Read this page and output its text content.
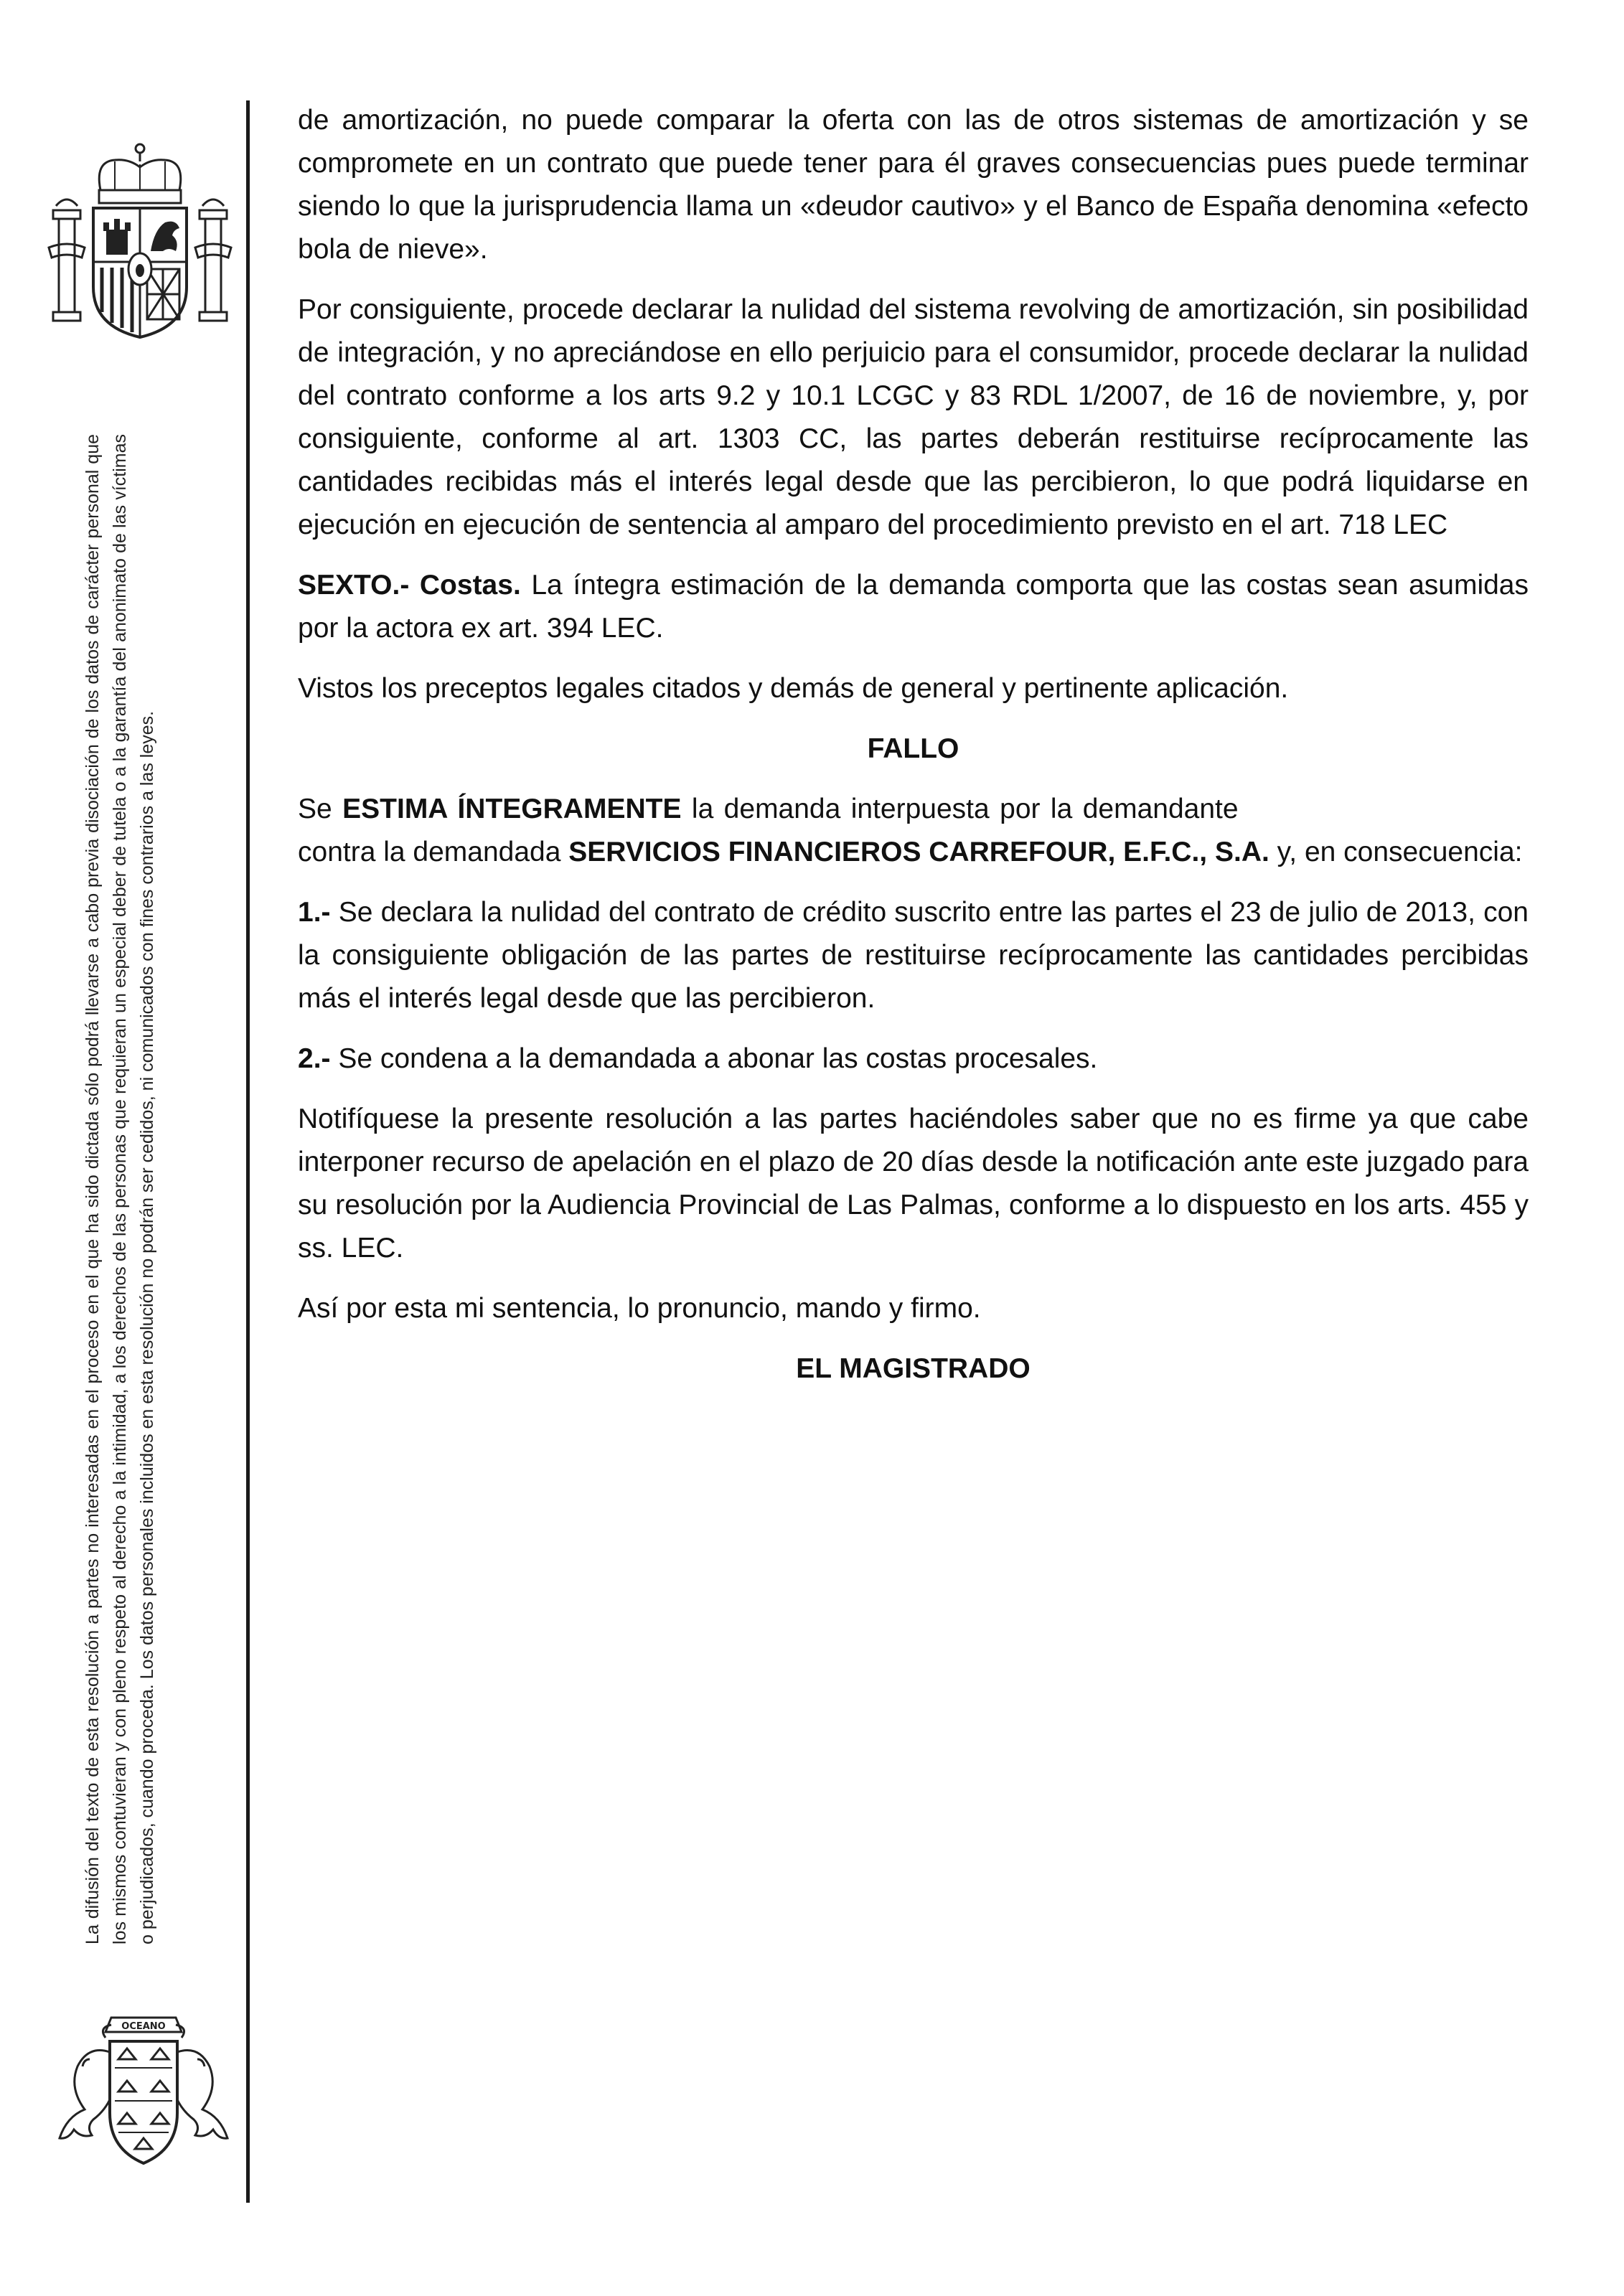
OCEANO
La difusión del texto de esta resolución a partes no interesadas en el proceso en el que ha sido dictada sólo podrá llevarse a cabo previa disociación de los datos de carácter personal que los mismos contuvieran y con pleno respeto al derecho a la intimidad, a los derechos de las personas que requieran un especial deber de tutela o a la garantía del anonimato de las víctimas o perjudicados, cuando proceda. Los datos personales incluidos en esta resolución no podrán ser cedidos, ni comunicados con fines contrarios a las leyes.

de amortización, no puede comparar la oferta con las de otros sistemas de amortización y se compromete en un contrato que puede tener para él graves consecuencias pues puede terminar siendo lo que la jurisprudencia llama un «deudor cautivo» y el Banco de España denomina «efecto bola de nieve».

Por consiguiente, procede declarar la nulidad del sistema revolving de amortización, sin posibilidad de integración, y no apreciándose en ello perjuicio para el consumidor, procede declarar la nulidad del contrato conforme a los arts 9.2 y 10.1 LCGC y 83 RDL 1/2007, de 16 de noviembre, y, por consiguiente, conforme al art. 1303 CC, las partes deberán restituirse recíprocamente las cantidades recibidas más el interés legal desde que las percibieron, lo que podrá liquidarse en ejecución en ejecución de sentencia al amparo del procedimiento previsto en el art. 718 LEC

SEXTO.- Costas. La íntegra estimación de la demanda comporta que las costas sean asumidas por la actora ex art. 394 LEC.

Vistos los preceptos legales citados y demás de general y pertinente aplicación.

FALLO

Se ESTIMA ÍNTEGRAMENTE la demanda interpuesta por la demandante contra la demandada SERVICIOS FINANCIEROS CARREFOUR, E.F.C., S.A. y, en consecuencia:

1.- Se declara la nulidad del contrato de crédito suscrito entre las partes el 23 de julio de 2013, con la consiguiente obligación de las partes de restituirse recíprocamente las cantidades percibidas más el interés legal desde que las percibieron.

2.- Se condena a la demandada a abonar las costas procesales.

Notifíquese la presente resolución a las partes haciéndoles saber que no es firme ya que cabe interponer recurso de apelación en el plazo de 20 días desde la notificación ante este juzgado para su resolución por la Audiencia Provincial de Las Palmas, conforme a lo dispuesto en los arts. 455 y ss. LEC.

Así por esta mi sentencia, lo pronuncio, mando y firmo.

EL MAGISTRADO
